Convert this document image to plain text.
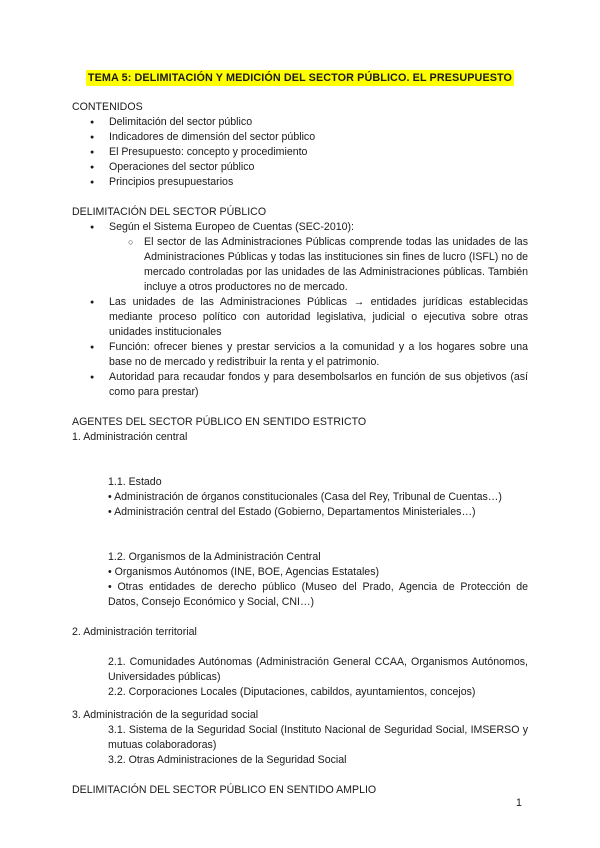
TEMA 5: DELIMITACIÓN Y MEDICIÓN DEL SECTOR PÚBLICO. EL PRESUPUESTO
CONTENIDOS
● Delimitación del sector público
● Indicadores de dimensión del sector público
● El Presupuesto: concepto y procedimiento
● Operaciones del sector público
● Principios presupuestarios
DELIMITACIÓN DEL SECTOR PÚBLICO
● Según el Sistema Europeo de Cuentas (SEC-2010):
○ El sector de las Administraciones Públicas comprende todas las unidades de las Administraciones Públicas y todas las instituciones sin fines de lucro (ISFL) no de mercado controladas por las unidades de las Administraciones públicas. También incluye a otros productores no de mercado.
● Las unidades de las Administraciones Públicas → entidades jurídicas establecidas mediante proceso político con autoridad legislativa, judicial o ejecutiva sobre otras unidades institucionales
● Función: ofrecer bienes y prestar servicios a la comunidad y a los hogares sobre una base no de mercado y redistribuir la renta y el patrimonio.
● Autoridad para recaudar fondos y para desembolsarlos en función de sus objetivos (así como para prestar)
AGENTES DEL SECTOR PÚBLICO EN SENTIDO ESTRICTO
1. Administración central
1.1. Estado
• Administración de órganos constitucionales (Casa del Rey, Tribunal de Cuentas…)
• Administración central del Estado (Gobierno, Departamentos Ministeriales…)
1.2. Organismos de la Administración Central
• Organismos Autónomos (INE, BOE, Agencias Estatales)
• Otras entidades de derecho público (Museo del Prado, Agencia de Protección de Datos, Consejo Económico y Social, CNI…)
2. Administración territorial
2.1. Comunidades Autónomas (Administración General CCAA, Organismos Autónomos, Universidades públicas)
2.2. Corporaciones Locales (Diputaciones, cabildos, ayuntamientos, concejos)
3. Administración de la seguridad social
3.1. Sistema de la Seguridad Social (Instituto Nacional de Seguridad Social, IMSERSO y mutuas colaboradoras)
3.2. Otras Administraciones de la Seguridad Social
DELIMITACIÓN DEL SECTOR PÚBLICO EN SENTIDO AMPLIO
1
